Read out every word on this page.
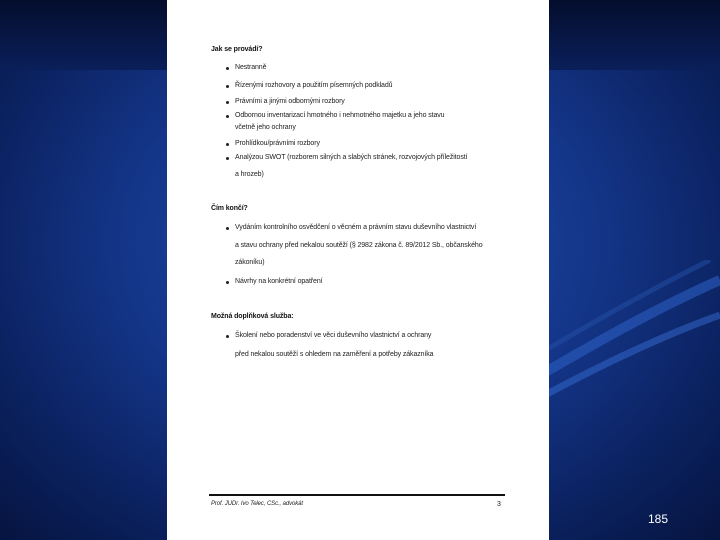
Jak se provádí?
Nestranně
Řízenými rozhovory a použitím písemných podkladů
Právními a jinými odbornými rozbory
Odbornou inventarizací hmotného i nehmotného majetku a jeho stavu
včetně jeho ochrany
Prohlídkou/právními rozbory
Analýzou SWOT (rozborem silných a slabých stránek, rozvojových příležitostí
a hrozeb)
Čím končí?
Vydáním kontrolního osvědčení o věcném a právním stavu duševního vlastnictví
a stavu ochrany před nekalou soutěží (§ 2982 zákona č. 89/2012 Sb., občanského
zákoníku)
Návrhy na konkrétní opatření
Možná doplňková služba:
Školení nebo poradenství ve věci duševního vlastnictví a ochrany
před nekalou soutěží s ohledem na zaměření a potřeby zákazníka
Prof. JUDr. Ivo Telec, CSc., advokát	3
185
